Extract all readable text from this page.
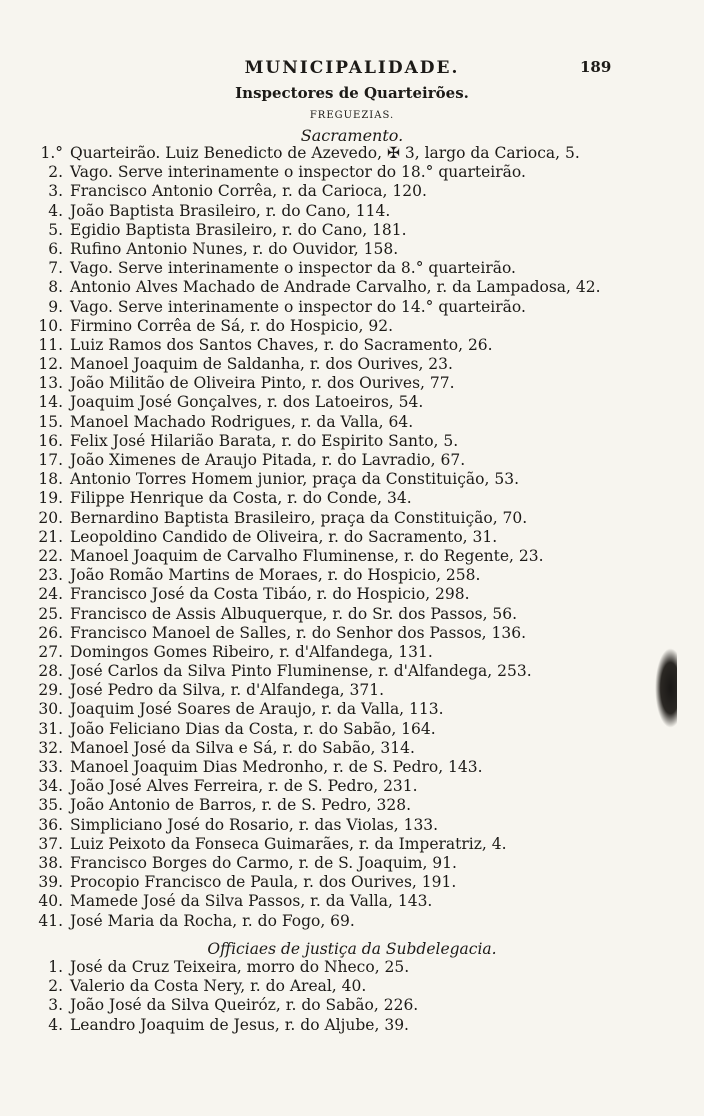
MUNICIPALIDADE.	189
Inspectores de Quarteirões.
FREGUEZIAS.
Sacramento.
1.° Quarteirão. Luiz Benedicto de Azevedo, ✠ 3, largo da Carioca, 5.
2. Vago. Serve interinamente o inspector do 18.° quarteirão.
3. Francisco Antonio Corrêa, r. da Carioca, 120.
4. João Baptista Brasileiro, r. do Cano, 114.
5. Egidio Baptista Brasileiro, r. do Cano, 181.
6. Rufino Antonio Nunes, r. do Ouvidor, 158.
7. Vago. Serve interinamente o inspector da 8.° quarteirão.
8. Antonio Alves Machado de Andrade Carvalho, r. da Lampadosa, 42.
9. Vago. Serve interinamente o inspector do 14.° quarteirão.
10. Firmino Corrêa de Sá, r. do Hospicio, 92.
11. Luiz Ramos dos Santos Chaves, r. do Sacramento, 26.
12. Manoel Joaquim de Saldanha, r. dos Ourives, 23.
13. João Militão de Oliveira Pinto, r. dos Ourives, 77.
14. Joaquim José Gonçalves, r. dos Latoeiros, 54.
15. Manoel Machado Rodrigues, r. da Valla, 64.
16. Felix José Hilarião Barata, r. do Espirito Santo, 5.
17. João Ximenes de Araujo Pitada, r. do Lavradio, 67.
18. Antonio Torres Homem junior, praça da Constituição, 53.
19. Filippe Henrique da Costa, r. do Conde, 34.
20. Bernardino Baptista Brasileiro, praça da Constituição, 70.
21. Leopoldino Candido de Oliveira, r. do Sacramento, 31.
22. Manoel Joaquim de Carvalho Fluminense, r. do Regente, 23.
23. João Romão Martins de Moraes, r. do Hospicio, 258.
24. Francisco José da Costa Tibáo, r. do Hospicio, 298.
25. Francisco de Assis Albuquerque, r. do Sr. dos Passos, 56.
26. Francisco Manoel de Salles, r. do Senhor dos Passos, 136.
27. Domingos Gomes Ribeiro, r. d'Alfandega, 131.
28. José Carlos da Silva Pinto Fluminense, r. d'Alfandega, 253.
29. José Pedro da Silva, r. d'Alfandega, 371.
30. Joaquim José Soares de Araujo, r. da Valla, 113.
31. João Feliciano Dias da Costa, r. do Sabão, 164.
32. Manoel José da Silva e Sá, r. do Sabão, 314.
33. Manoel Joaquim Dias Medronho, r. de S. Pedro, 143.
34. João José Alves Ferreira, r. de S. Pedro, 231.
35. João Antonio de Barros, r. de S. Pedro, 328.
36. Simpliciano José do Rosario, r. das Violas, 133.
37. Luiz Peixoto da Fonseca Guimarães, r. da Imperatriz, 4.
38. Francisco Borges do Carmo, r. de S. Joaquim, 91.
39. Procopio Francisco de Paula, r. dos Ourives, 191.
40. Mamede José da Silva Passos, r. da Valla, 143.
41. José Maria da Rocha, r. do Fogo, 69.
Officiaes de justiça da Subdelegacia.
1. José da Cruz Teixeira, morro do Nheco, 25.
2. Valerio da Costa Nery, r. do Areal, 40.
3. João José da Silva Queiróz, r. do Sabão, 226.
4. Leandro Joaquim de Jesus, r. do Aljube, 39.
